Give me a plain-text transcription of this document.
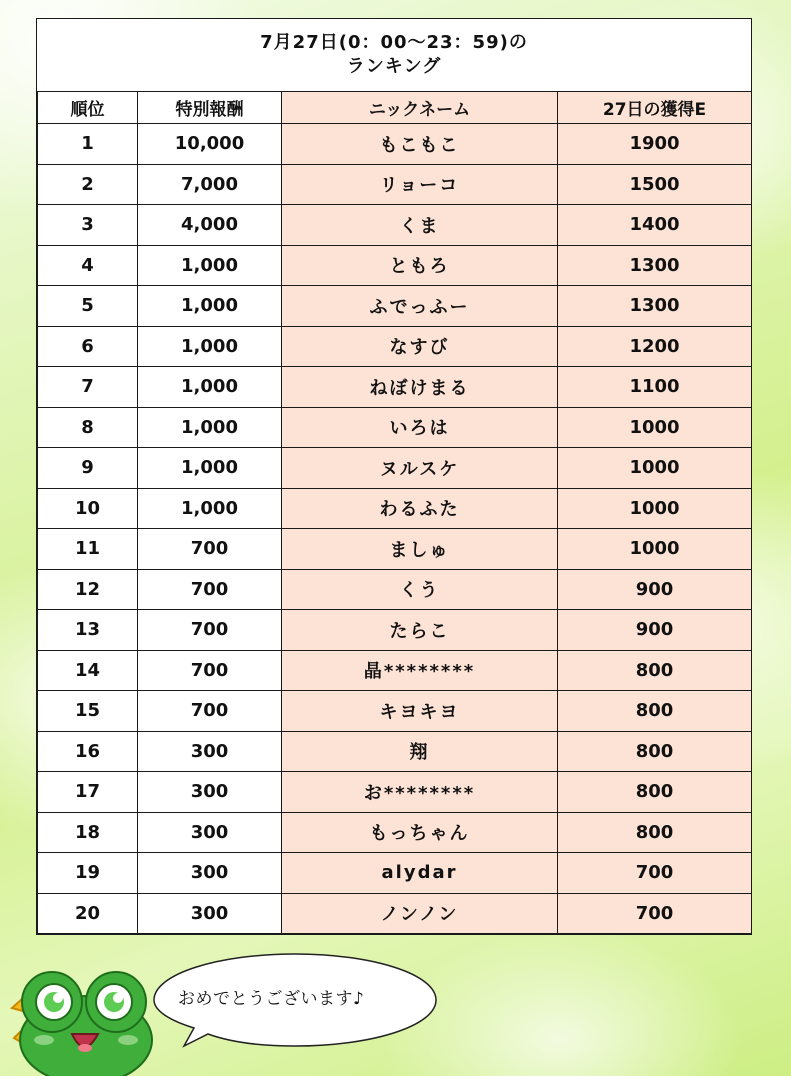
7月27日(0：00～23：59)の
ランキング
順位	特別報酬	ニックネーム	27日の獲得E
1	10,000	もこもこ	1900
2	7,000	リョーコ	1500
3	4,000	くま	1400
4	1,000	ともろ	1300
5	1,000	ふでっふー	1300
6	1,000	なすび	1200
7	1,000	ねぼけまる	1100
8	1,000	いろは	1000
9	1,000	ヌルスケ	1000
10	1,000	わるふた	1000
11	700	ましゅ	1000
12	700	くう	900
13	700	たらこ	900
14	700	晶********	800
15	700	キヨキヨ	800
16	300	翔	800
17	300	お********	800
18	300	もっちゃん	800
19	300	alydar	700
20	300	ノンノン	700
おめでとうございます♪
